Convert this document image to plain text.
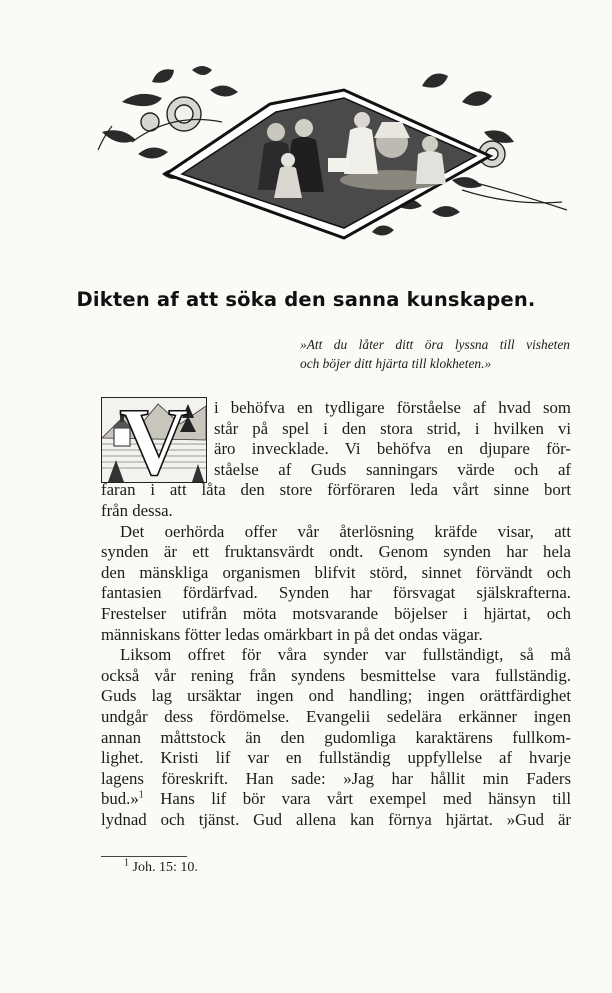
Dikten af att söka den sanna kunskapen.
»Att du låter ditt öra lyssna till visheten
och böjer ditt hjärta till klokheten.»
V	i behöfva en tydligare förståelse af hvad som
står på spel i den stora strid, i hvilken vi
äro invecklade. Vi behöfva en djupare för-
ståelse af Guds sanningars värde och af
faran i att låta den store förföraren leda vårt sinne bort
från dessa.
Det oerhörda offer vår återlösning kräfde visar, att
synden är ett fruktansvärdt ondt. Genom synden har hela
den mänskliga organismen blifvit störd, sinnet förvändt och
fantasien fördärfvad. Synden har försvagat själskrafterna.
Frestelser utifrån möta motsvarande böjelser i hjärtat, och
människans fötter ledas omärkbart in på det ondas vägar.
Liksom offret för våra synder var fullständigt, så må
också vår rening från syndens besmittelse vara fullständig.
Guds lag ursäktar ingen ond handling; ingen orättfärdighet
undgår dess fördömelse. Evangelii sedelära erkänner ingen
annan måttstock än den gudomliga karaktärens fullkom-
lighet. Kristi lif var en fullständig uppfyllelse af hvarje
lagens föreskrift. Han sade: »Jag har hållit min Faders
bud.»$^1$ Hans lif bör vara vårt exempel med hänsyn till
lydnad och tjänst. Gud allena kan förnya hjärtat. »Gud är
$^1$ Joh. 15: 10.
